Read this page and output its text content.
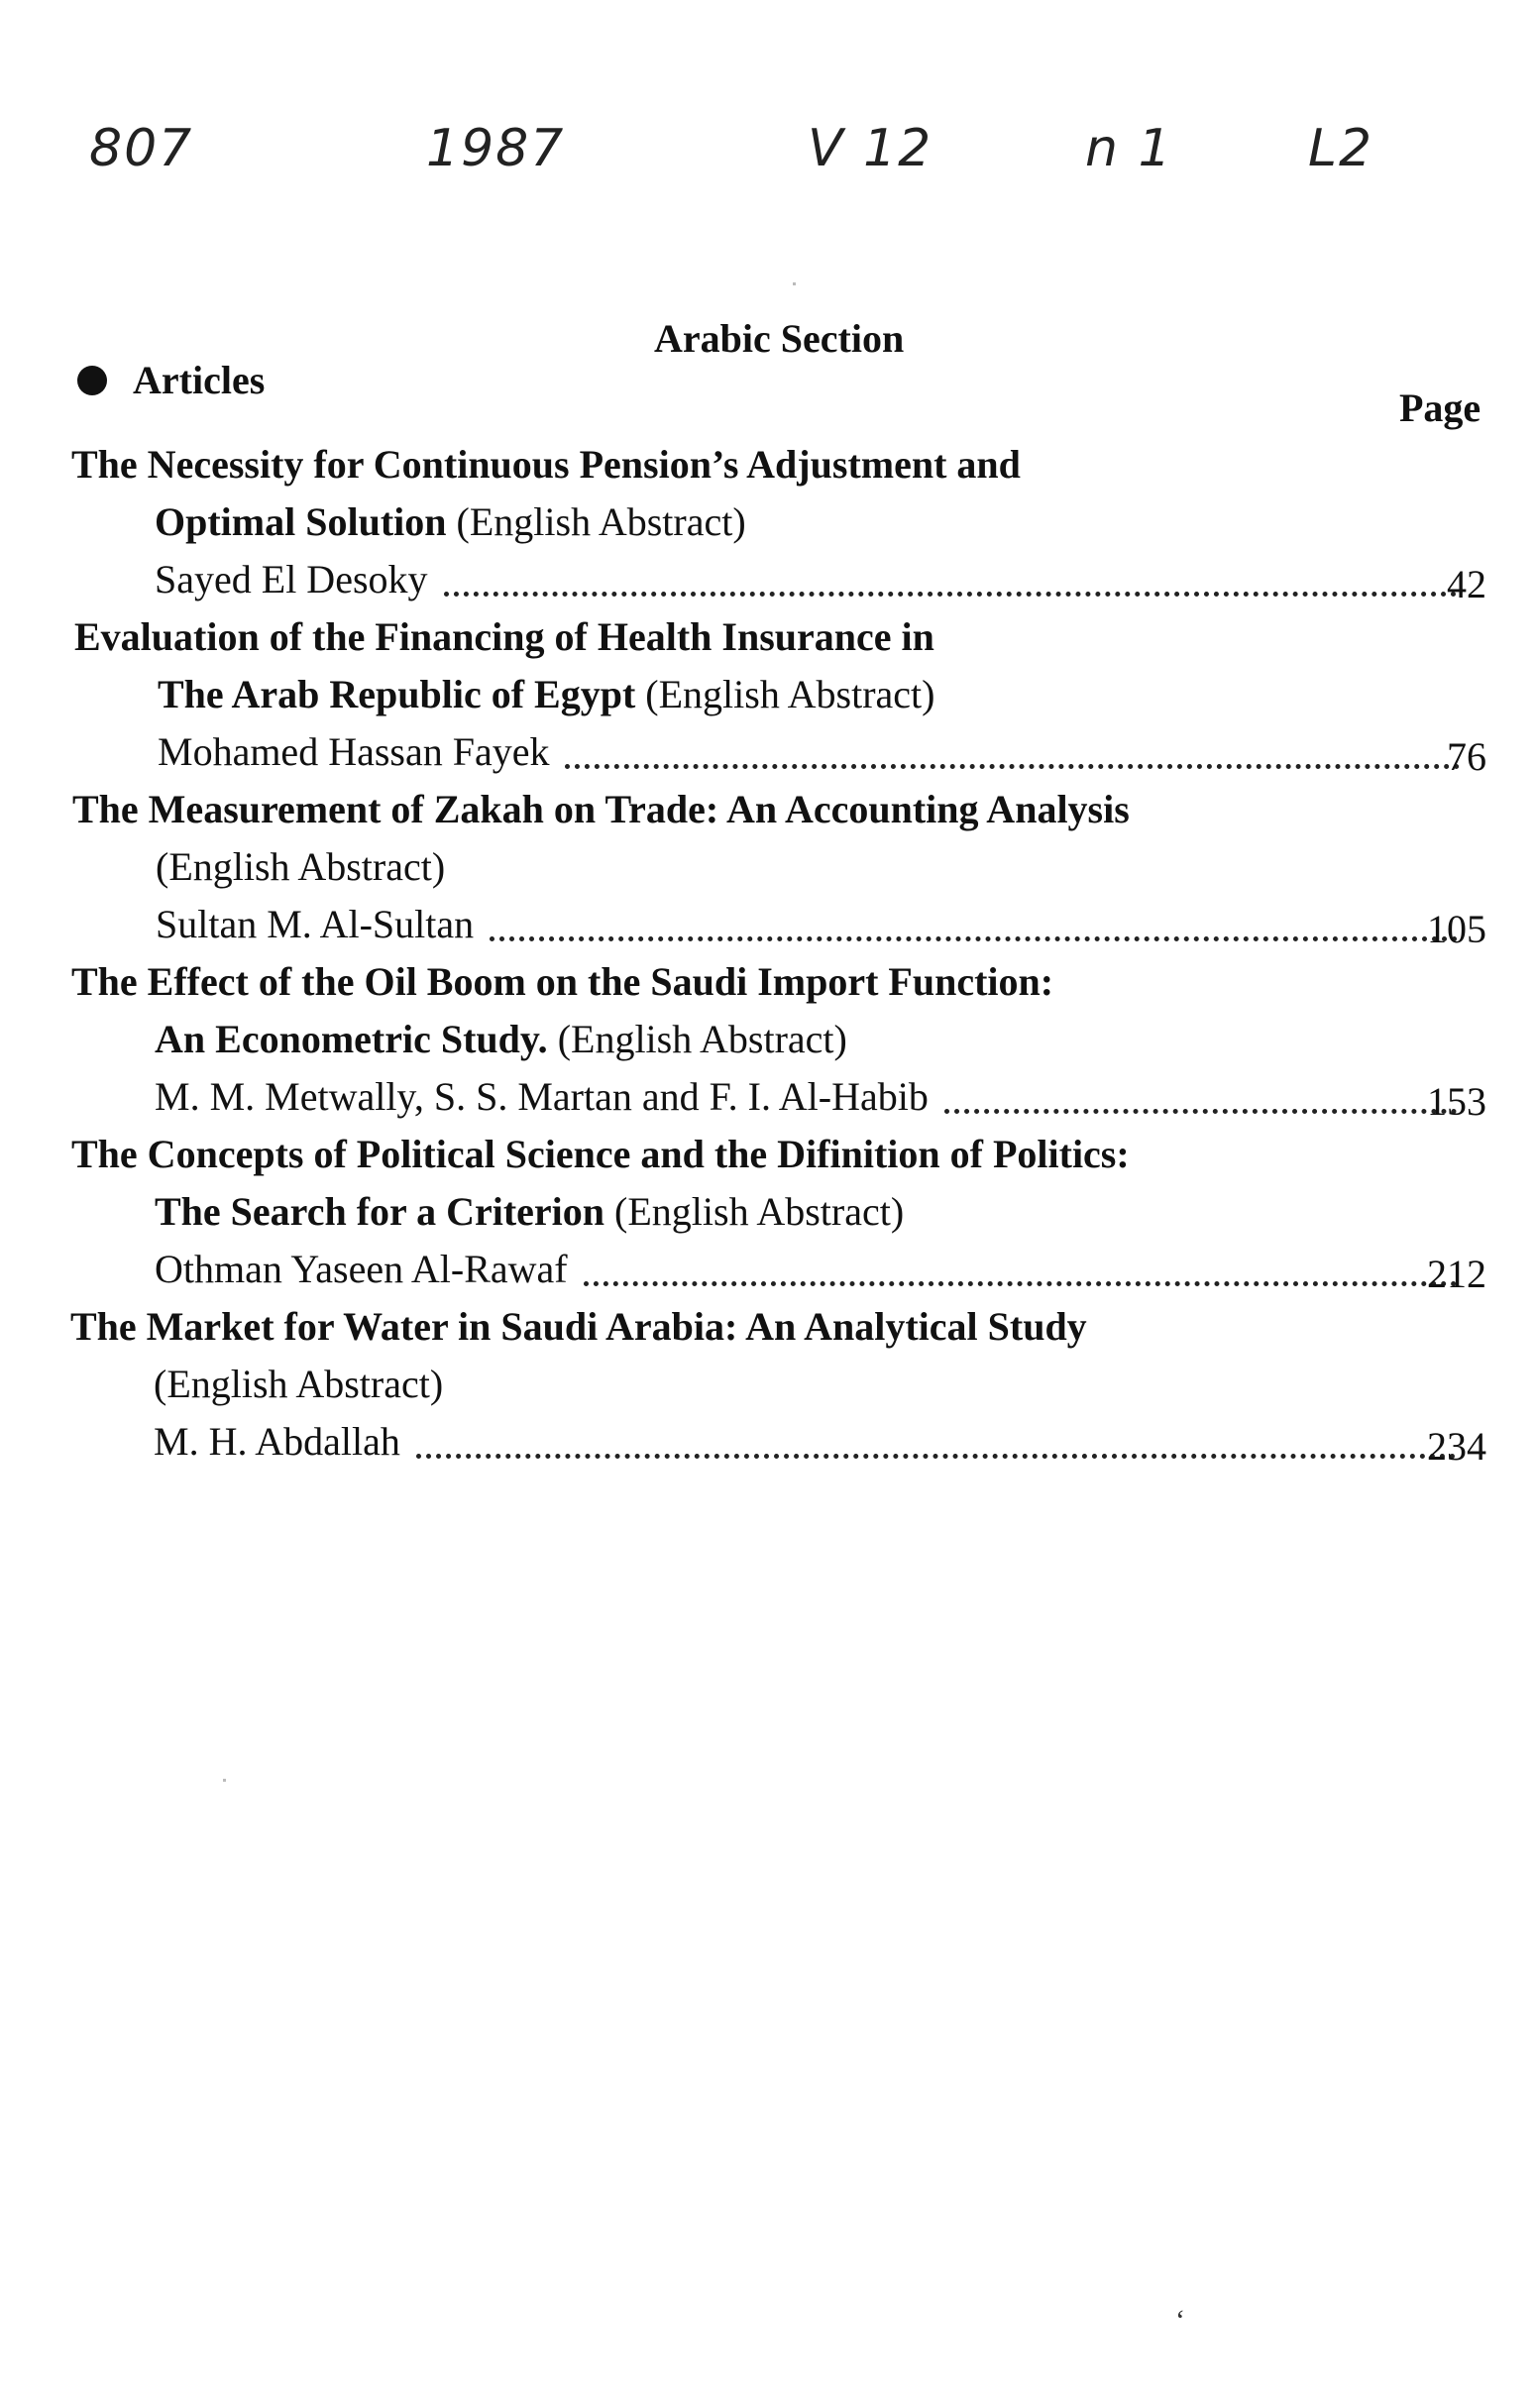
807	1987	V 12	n 1	L2
Arabic Section
Articles
Page
The Necessity for Continuous Pension’s Adjustment and
Optimal Solution (English Abstract)
Sayed El Desoky	42
Evaluation of the Financing of Health Insurance in
The Arab Republic of Egypt (English Abstract)
Mohamed Hassan Fayek	76
The Measurement of Zakah on Trade: An Accounting Analysis
(English Abstract)
Sultan M. Al-Sultan	105
The Effect of the Oil Boom on the Saudi Import Function:
An Econometric Study. (English Abstract)
M. M. Metwally, S. S. Martan and F. I. Al-Habib	153
The Concepts of Political Science and the Difinition of Politics:
The Search for a Criterion (English Abstract)
Othman Yaseen Al-Rawaf	212
The Market for Water in Saudi Arabia: An Analytical Study
(English Abstract)
M. H. Abdallah	234
ʻ
